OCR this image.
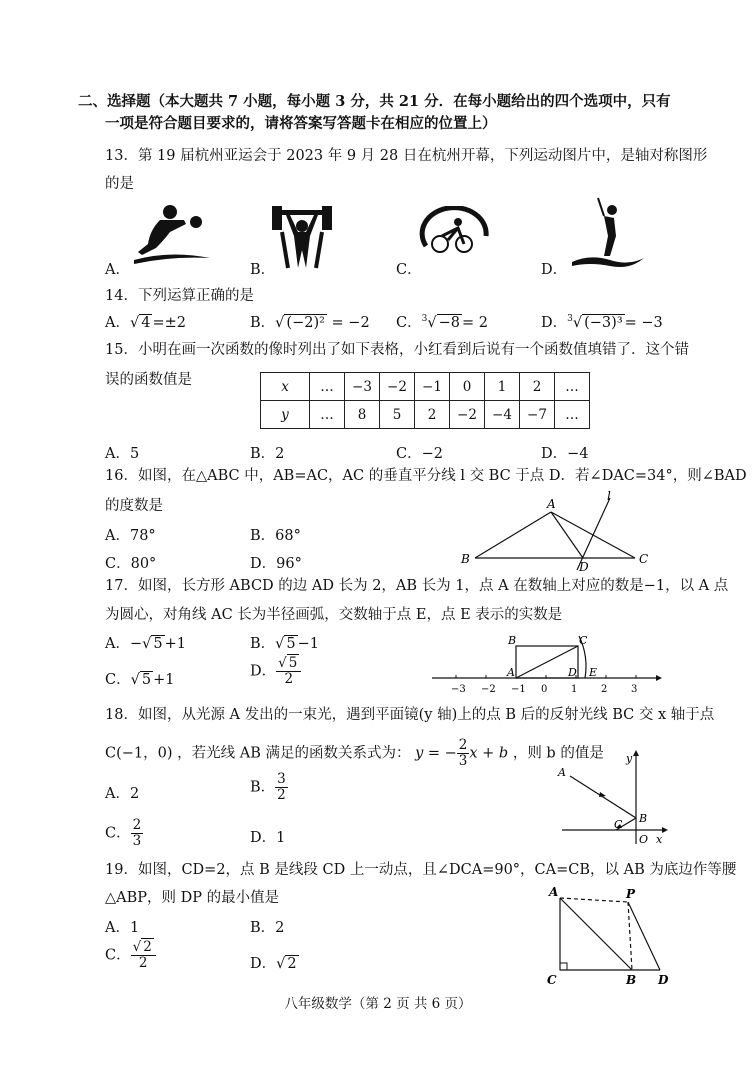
二、选择题（本大题共 7 小题，每小题 3 分，共 21 分．在每小题给出的四个选项中，只有
一项是符合题目要求的，请将答案写答题卡在相应的位置上）
13．第 19 届杭州亚运会于 2023 年 9 月 28 日在杭州开幕，下列运动图片中，是轴对称图形
的是
A．	B．	C．	D．
14．下列运算正确的是
A．√ 4 =±2	B．√ (−2)² = −2 C．$^3$√ −8 = 2	D．$^3$√ (−3)³ = −3
15．小明在画一次函数的像时列出了如下表格，小红看到后说有一个函数值填错了．这个错
误的函数值是	x	…	−3	−2	−1	0	1	2	…
y	…	8	5	2	−2	−4	−7	…
A．5	B．2	C．−2	D．−4
16．如图，在△ABC 中，AB=AC，AC 的垂直平分线 l 交 BC 于点 D．若∠DAC=34°，则∠BAD
的度数是
A．78°	B．68°
C．80°	D．96°
A
B	C
D
l
17．如图，长方形 ABCD 的边 AD 长为 2，AB 长为 1，点 A 在数轴上对应的数是−1，以 A 点
为圆心，对角线 AC 长为半径画弧，交数轴于点 E，点 E 表示的实数是
A．−√ 5 +1	B．√ 5 −1
C．√ 5 +1
D． $\frac{√ 5}{2}$
−3 −2 −1 0 1 2 3
B	C
A	D E
18．如图，从光源 A 发出的一束光，遇到平面镜(y 轴)上的点 B 后的反射光线 BC 交 x 轴于点
C(−1，0) ，若光线 AB 满足的函数关系式为： y = − $\frac{2}{3}$ x + b ，则 b 的值是
A．2	B． $\frac{3}{2}$
C． $\frac{2}{3}$	D．1
A
B
C
O x
y
19．如图，CD=2，点 B 是线段 CD 上一动点，且∠DCA=90°，CA=CB，以 AB 为底边作等腰
△ABP，则 DP 的最小值是
A．1	B．2
C． $\frac{√ 2}{2}$	D．√ 2
A	P
C	B D
八年级数学（第 2 页 共 6 页）
